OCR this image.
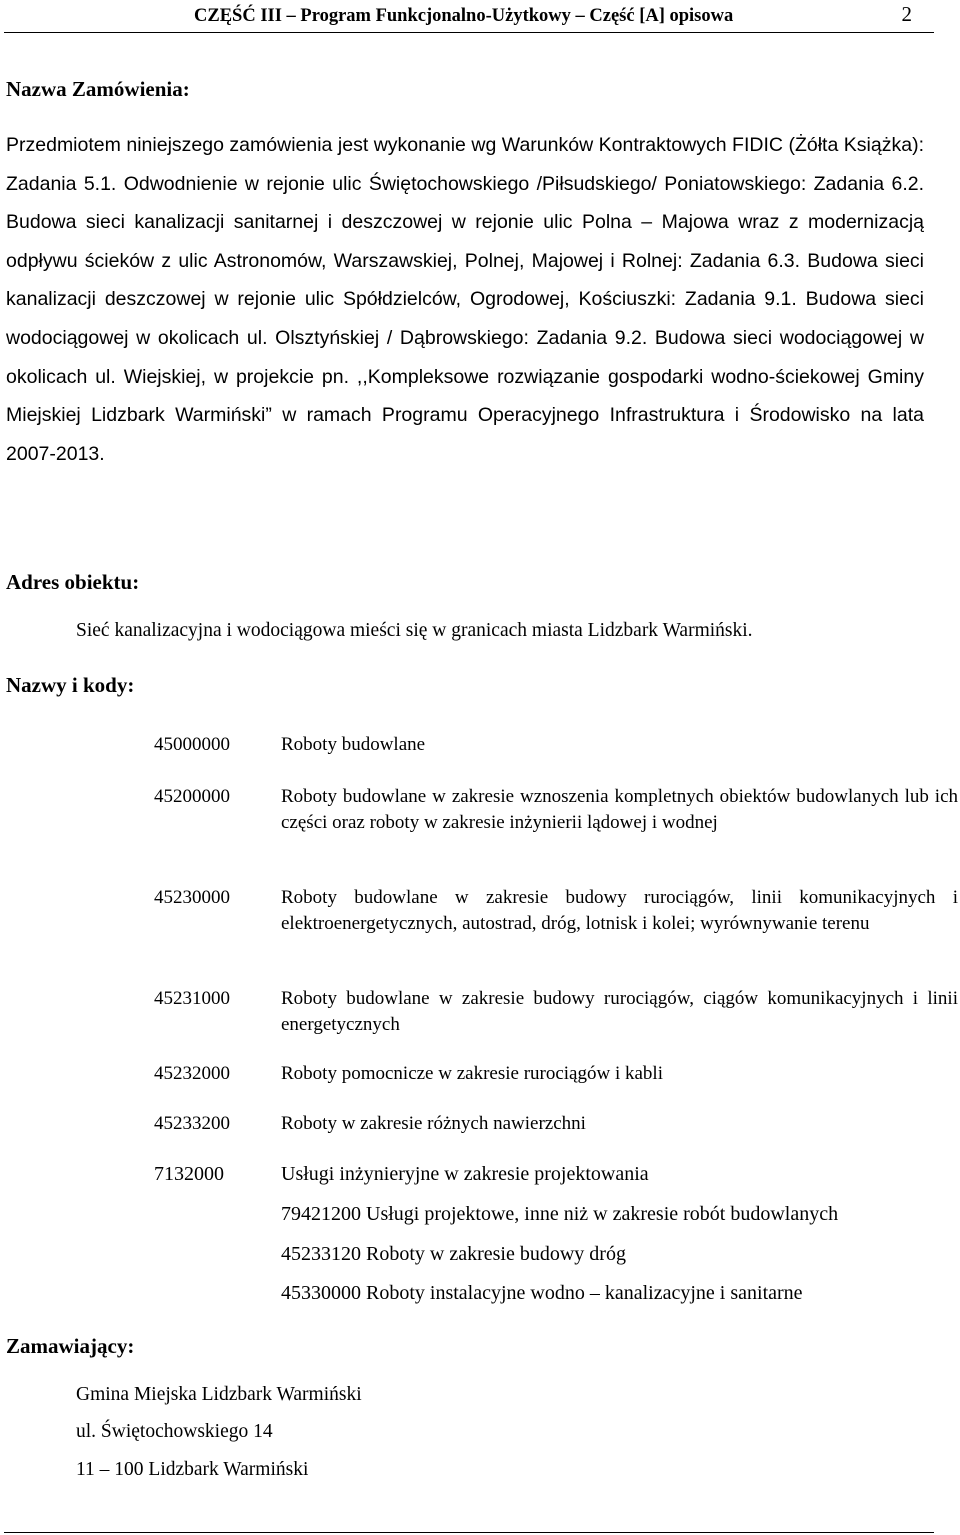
CZĘŚĆ III – Program Funkcjonalno-Użytkowy – Część [A] opisowa	2
Nazwa Zamówienia:

Przedmiotem niniejszego zamówienia jest wykonanie wg Warunków Kontraktowych FIDIC (Żółta Książka): Zadania 5.1. Odwodnienie w rejonie ulic Świętochowskiego /Piłsudskiego/ Poniatowskiego: Zadania 6.2. Budowa sieci kanalizacji sanitarnej i deszczowej w rejonie ulic Polna – Majowa wraz z modernizacją odpływu ścieków z ulic Astronomów, Warszawskiej, Polnej, Majowej i Rolnej: Zadania 6.3. Budowa sieci kanalizacji deszczowej w rejonie ulic Spółdzielców, Ogrodowej, Kościuszki: Zadania 9.1. Budowa sieci wodociągowej w okolicach ul. Olsztyńskiej / Dąbrowskiego: Zadania 9.2. Budowa sieci wodociągowej w okolicach ul. Wiejskiej, w projekcie pn. ,,Kompleksowe rozwiązanie gospodarki wodno-ściekowej Gminy Miejskiej Lidzbark Warmiński” w ramach Programu Operacyjnego Infrastruktura i Środowisko na lata 2007-2013.

Adres obiektu:
Sieć kanalizacyjna i wodociągowa mieści się w granicach miasta Lidzbark Warmiński.
Nazwy i kody:
45000000	Roboty budowlane
45200000	Roboty budowlane w zakresie wznoszenia kompletnych obiektów budowlanych lub ich części oraz roboty w zakresie inżynierii lądowej i wodnej
45230000	Roboty budowlane w zakresie budowy rurociągów, linii komunikacyjnych i elektroenergetycznych, autostrad, dróg, lotnisk i kolei; wyrównywanie terenu
45231000	Roboty budowlane w zakresie budowy rurociągów, ciągów komunikacyjnych i linii energetycznych
45232000	Roboty pomocnicze w zakresie rurociągów i kabli
45233200	Roboty w zakresie różnych nawierzchni
7132000	Usługi inżynieryjne w zakresie projektowania
79421200 Usługi projektowe, inne niż w zakresie robót budowlanych
45233120 Roboty w zakresie budowy dróg
45330000 Roboty instalacyjne wodno – kanalizacyjne i sanitarne
Zamawiający:
Gmina Miejska Lidzbark Warmiński
ul. Świętochowskiego 14
11 – 100 Lidzbark Warmiński
